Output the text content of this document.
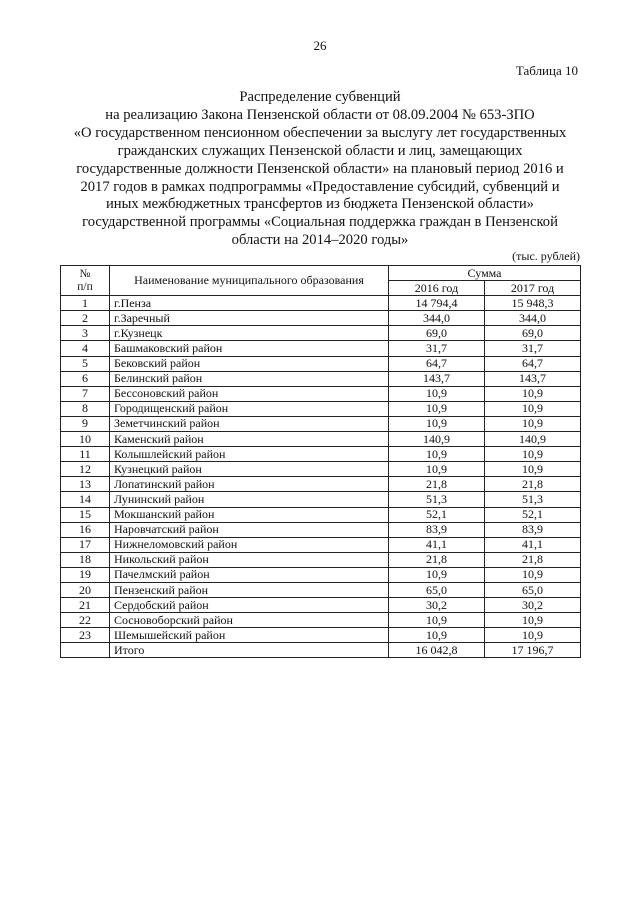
26
Таблица 10
Распределение субвенций
на реализацию Закона Пензенской области от 08.09.2004 № 653-ЗПО
«О государственном пенсионном обеспечении за выслугу лет государственных
гражданских служащих Пензенской области и лиц, замещающих
государственные должности Пензенской области» на плановый период 2016 и
2017 годов в рамках подпрограммы «Предоставление субсидий, субвенций и
иных межбюджетных трансфертов из бюджета Пензенской области»
государственной программы «Социальная поддержка граждан в Пензенской
области на 2014–2020 годы»
(тыс. рублей)
№
п/п	Наименование муниципального образования	Сумма	
		2016 год	2017 год
1	г.Пенза	14 794,4	15 948,3
2	г.Заречный	344,0	344,0
3	г.Кузнецк	69,0	69,0
4	Башмаковский район	31,7	31,7
5	Бековский район	64,7	64,7
6	Белинский район	143,7	143,7
7	Бессоновский район	10,9	10,9
8	Городищенский район	10,9	10,9
9	Земетчинский район	10,9	10,9
10	Каменский район	140,9	140,9
11	Колышлейский район	10,9	10,9
12	Кузнецкий район	10,9	10,9
13	Лопатинский район	21,8	21,8
14	Лунинский район	51,3	51,3
15	Мокшанский район	52,1	52,1
16	Наровчатский район	83,9	83,9
17	Нижнеломовский район	41,1	41,1
18	Никольский район	21,8	21,8
19	Пачелмский район	10,9	10,9
20	Пензенский район	65,0	65,0
21	Сердобский район	30,2	30,2
22	Сосновоборский район	10,9	10,9
23	Шемышейский район	10,9	10,9
	Итого	16 042,8	17 196,7
